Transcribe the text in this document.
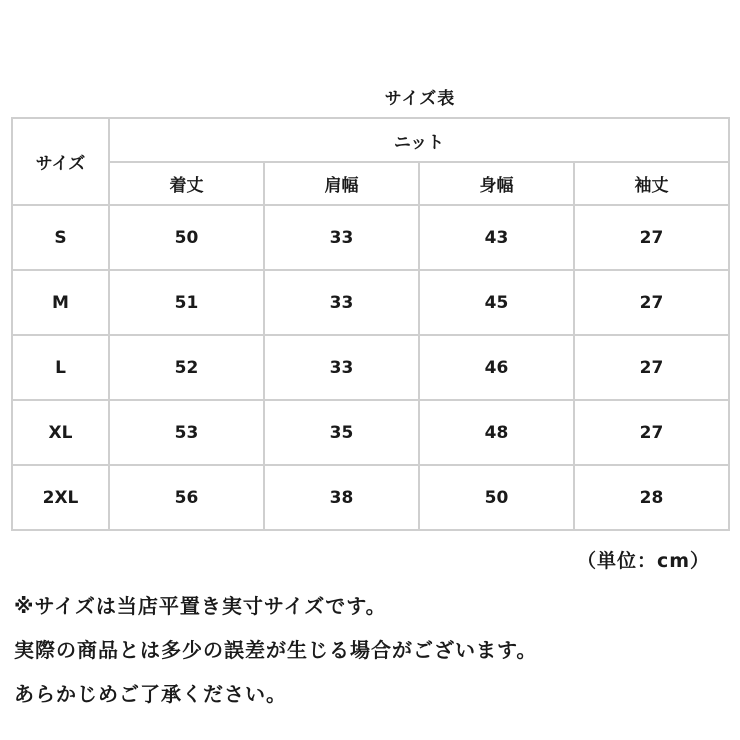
サイズ表
サイズ	ニット			
	着丈	肩幅	身幅	袖丈
S	50	33	43	27
M	51	33	45	27
L	52	33	46	27
XL	53	35	48	27
2XL	56	38	50	28
（単位：cm）
※サイズは当店平置き実寸サイズです。
実際の商品とは多少の誤差が生じる場合がございます。
あらかじめご了承ください。
